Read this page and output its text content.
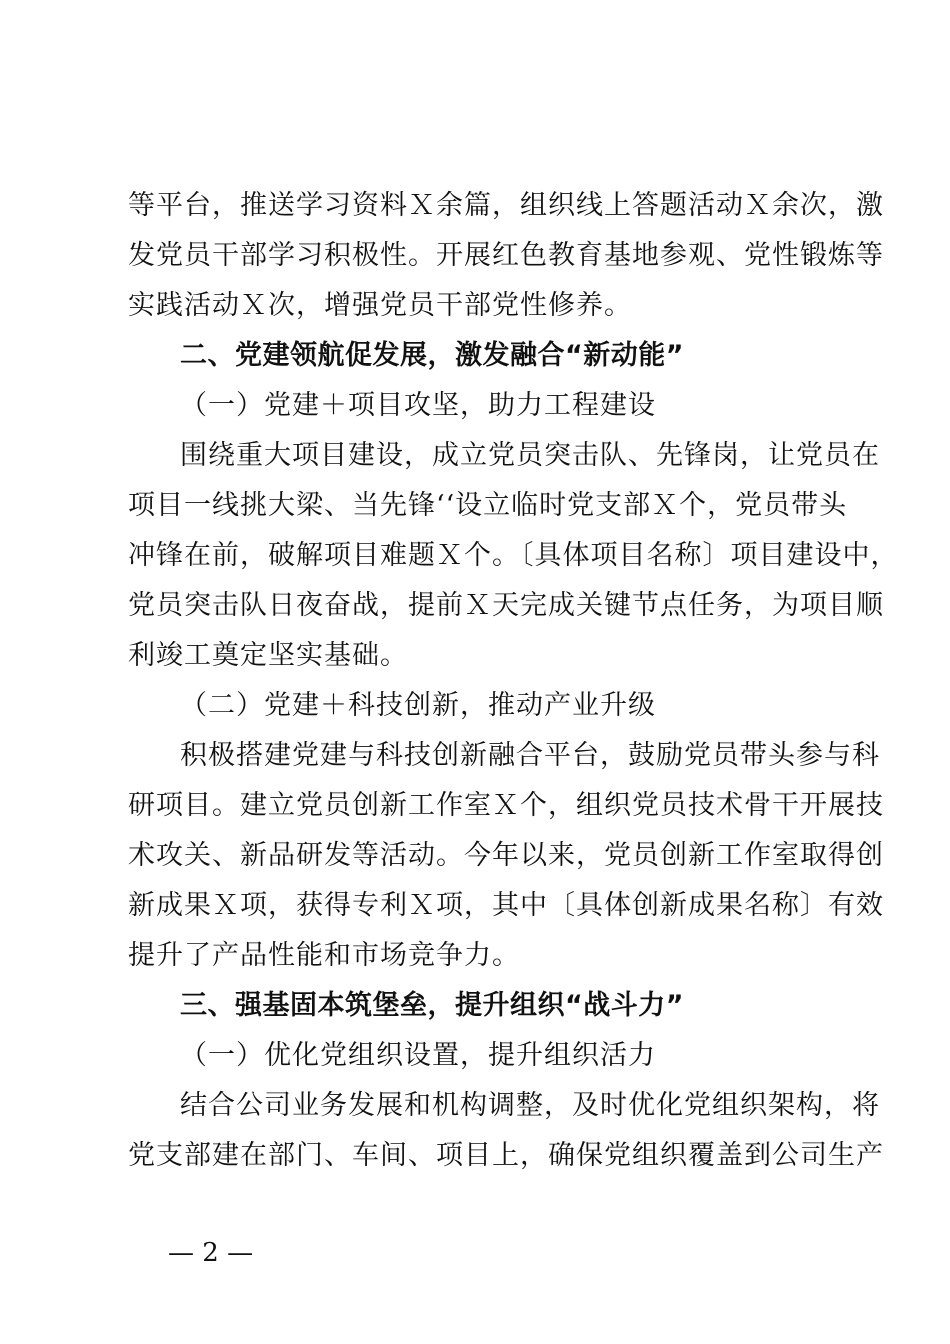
等平台，推送学习资料Ｘ余篇，组织线上答题活动Ｘ余次，激
发党员干部学习积极性。开展红色教育基地参观、党性锻炼等
实践活动Ｘ次，增强党员干部党性修养。
二、党建领航促发展，激发融合“新动能”
（一）党建＋项目攻坚，助力工程建设
围绕重大项目建设，成立党员突击队、先锋岗，让党员在
项目一线挑大梁、当先锋‘‘设立临时党支部Ｘ个，党员带头
冲锋在前，破解项目难题Ｘ个。〔具体项目名称〕项目建设中，
党员突击队日夜奋战，提前Ｘ天完成关键节点任务，为项目顺
利竣工奠定坚实基础。
（二）党建＋科技创新，推动产业升级
积极搭建党建与科技创新融合平台，鼓励党员带头参与科
研项目。建立党员创新工作室Ｘ个，组织党员技术骨干开展技
术攻关、新品研发等活动。今年以来，党员创新工作室取得创
新成果Ｘ项，获得专利Ｘ项，其中〔具体创新成果名称〕有效
提升了产品性能和市场竞争力。
三、强基固本筑堡垒，提升组织“战斗力”
（一）优化党组织设置，提升组织活力
结合公司业务发展和机构调整，及时优化党组织架构，将
党支部建在部门、车间、项目上，确保党组织覆盖到公司生产
— 2 —
